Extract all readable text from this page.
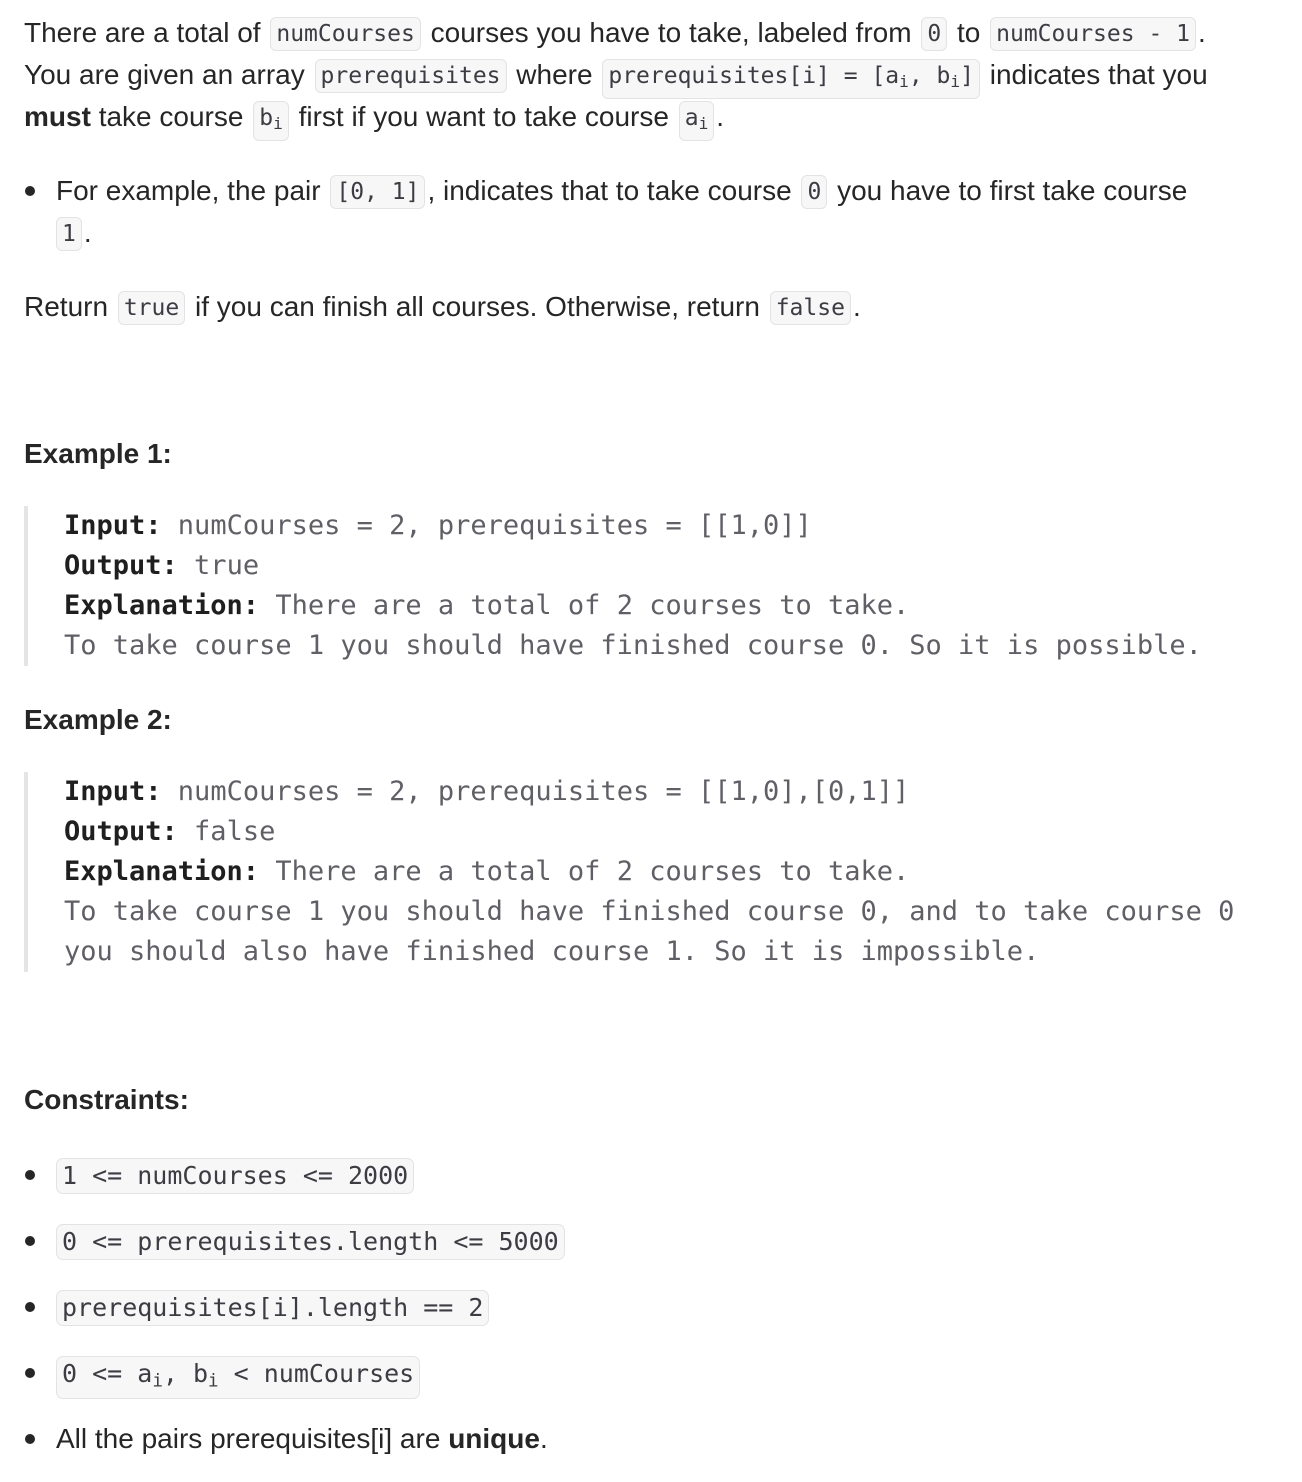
There are a total of numCourses courses you have to take, labeled from 0 to numCourses - 1 .
You are given an array prerequisites where prerequisites[i] = [$a_i$, $b_i$] indicates that you
must take course $b_i$ first if you want to take course $a_i$ .
For example, the pair [0, 1] , indicates that to take course 0 you have to first take course
1 .
Return true if you can finish all courses. Otherwise, return false .
Example 1:
Input: numCourses = 2, prerequisites = [[1,0]]
Output: true
Explanation: There are a total of 2 courses to take.
To take course 1 you should have finished course 0. So it is possible.
Example 2:
Input: numCourses = 2, prerequisites = [[1,0],[0,1]]
Output: false
Explanation: There are a total of 2 courses to take.
To take course 1 you should have finished course 0, and to take course 0
you should also have finished course 1. So it is impossible.
Constraints:
1 <= numCourses <= 2000
0 <= prerequisites.length <= 5000
prerequisites[i].length == 2
$0 <= a_i$, $b_i$ < numCourses
All the pairs prerequisites[i] are unique.
